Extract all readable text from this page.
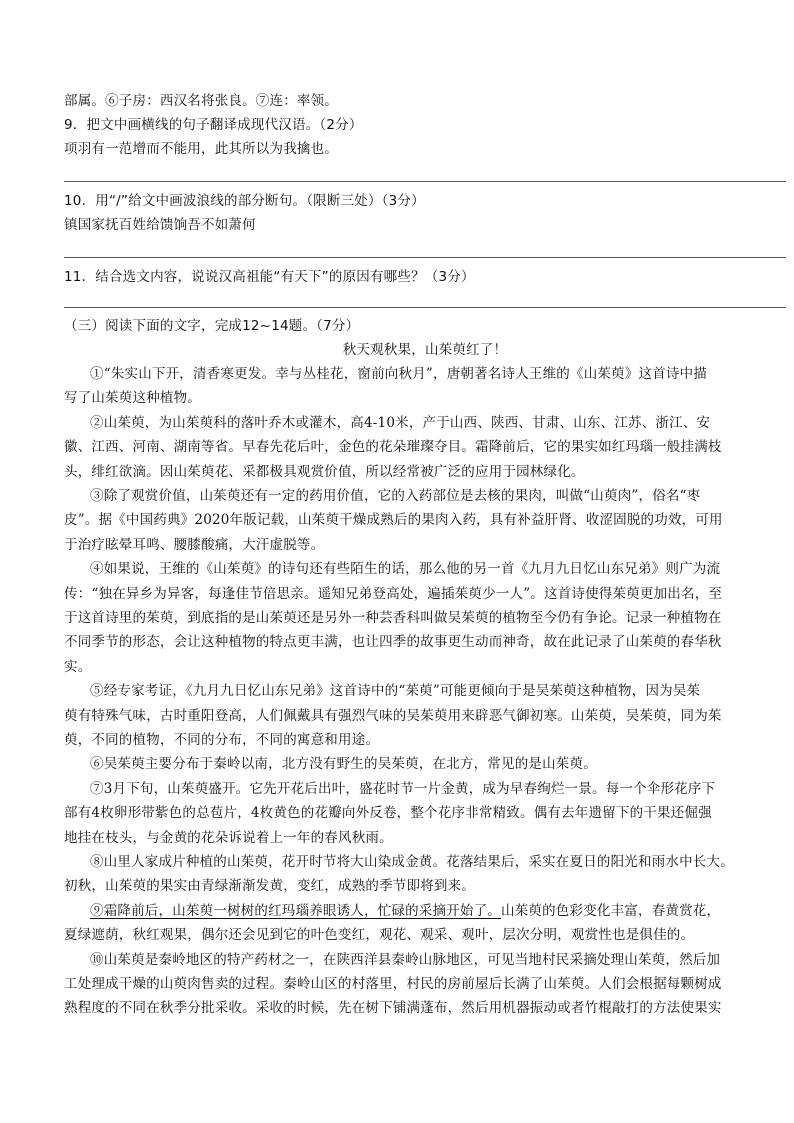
部属。⑥子房：西汉名将张良。⑦连：率领。
9．把文中画横线的句子翻译成现代汉语。（2分）
项羽有一范增而不能用，此其所以为我擒也。
10．用“/”给文中画波浪线的部分断句。（限断三处）（3分）
镇国家抚百姓给馈饷吾不如萧何
11．结合选文内容，说说汉高祖能“有天下”的原因有哪些？（3分）
（三）阅读下面的文字，完成12~14题。（7分）
秋天观秋果，山茱萸红了！
①“朱实山下开，清香寒更发。幸与丛桂花，窗前向秋月”，唐朝著名诗人王维的《山茱萸》这首诗中描
写了山茱萸这种植物。
②山茱萸，为山茱萸科的落叶乔木或灌木，高4-10米，产于山西、陕西、甘肃、山东、江苏、浙江、安
徽、江西、河南、湖南等省。早春先花后叶，金色的花朵璀璨夺目。霜降前后，它的果实如红玛瑙一般挂满枝
头，绯红欲滴。因山茱萸花、采都极具观赏价值，所以经常被广泛的应用于园林绿化。
③除了观赏价值，山茱萸还有一定的药用价值，它的入药部位是去核的果肉，叫做“山萸肉”，俗名“枣
皮”。据《中国药典》2020年版记载，山茱萸干燥成熟后的果肉入药，具有补益肝肾、收涩固脱的功效，可用
于治疗眩晕耳鸣、腰膝酸痛，大汗虚脱等。
④如果说，王维的《山茱萸》的诗句还有些陌生的话，那么他的另一首《九月九日忆山东兄弟》则广为流
传：“独在异乡为异客，每逢佳节倍思亲。遥知兄弟登高处，遍插茱萸少一人”。这首诗使得茱萸更加出名，至
于这首诗里的茱萸，到底指的是山茱萸还是另外一种芸香科叫做吴茱萸的植物至今仍有争论。记录一种植物在
不同季节的形态，会让这种植物的特点更丰满，也让四季的故事更生动而神奇，故在此记录了山茱萸的春华秋
实。
⑤经专家考证，《九月九日忆山东兄弟》这首诗中的“茱萸”可能更倾向于是吴茱萸这种植物，因为吴茱
萸有特殊气味，古时重阳登高，人们佩戴具有强烈气味的吴茱萸用来辟恶气御初寒。山茱萸，吴茱萸，同为茱
萸，不同的植物，不同的分布，不同的寓意和用途。
⑥吴茱萸主要分布于秦岭以南，北方没有野生的吴茱萸，在北方，常见的是山茱萸。
⑦3月下旬，山茱萸盛开。它先开花后出叶，盛花时节一片金黄，成为早春绚烂一景。每一个伞形花序下
部有4枚卵形带紫色的总苞片，4枚黄色的花瓣向外反卷，整个花序非常精致。偶有去年遗留下的干果还倔强
地挂在枝头，与金黄的花朵诉说着上一年的春风秋雨。
⑧山里人家成片种植的山茱萸，花开时节将大山染成金黄。花落结果后，采实在夏日的阳光和雨水中长大。
初秋，山茱萸的果实由青绿渐渐发黄，变红，成熟的季节即将到来。
⑨霜降前后，山茱萸一树树的红玛瑙养眼诱人，忙碌的采摘开始了。山茱萸的色彩变化丰富，春黄赏花，
夏绿遮荫，秋红观果，偶尔还会见到它的叶色变红，观花、观采、观叶，层次分明，观赏性也是俱佳的。
⑩山茱萸是秦岭地区的特产药材之一，在陕西洋县秦岭山脉地区，可见当地村民采摘处理山茱萸，然后加
工处理成干燥的山萸肉售卖的过程。秦岭山区的村落里，村民的房前屋后长满了山茱萸。人们会根据每颗树成
熟程度的不同在秋季分批采收。采收的时候，先在树下铺满蓬布，然后用机器振动或者竹棍敲打的方法使果实
